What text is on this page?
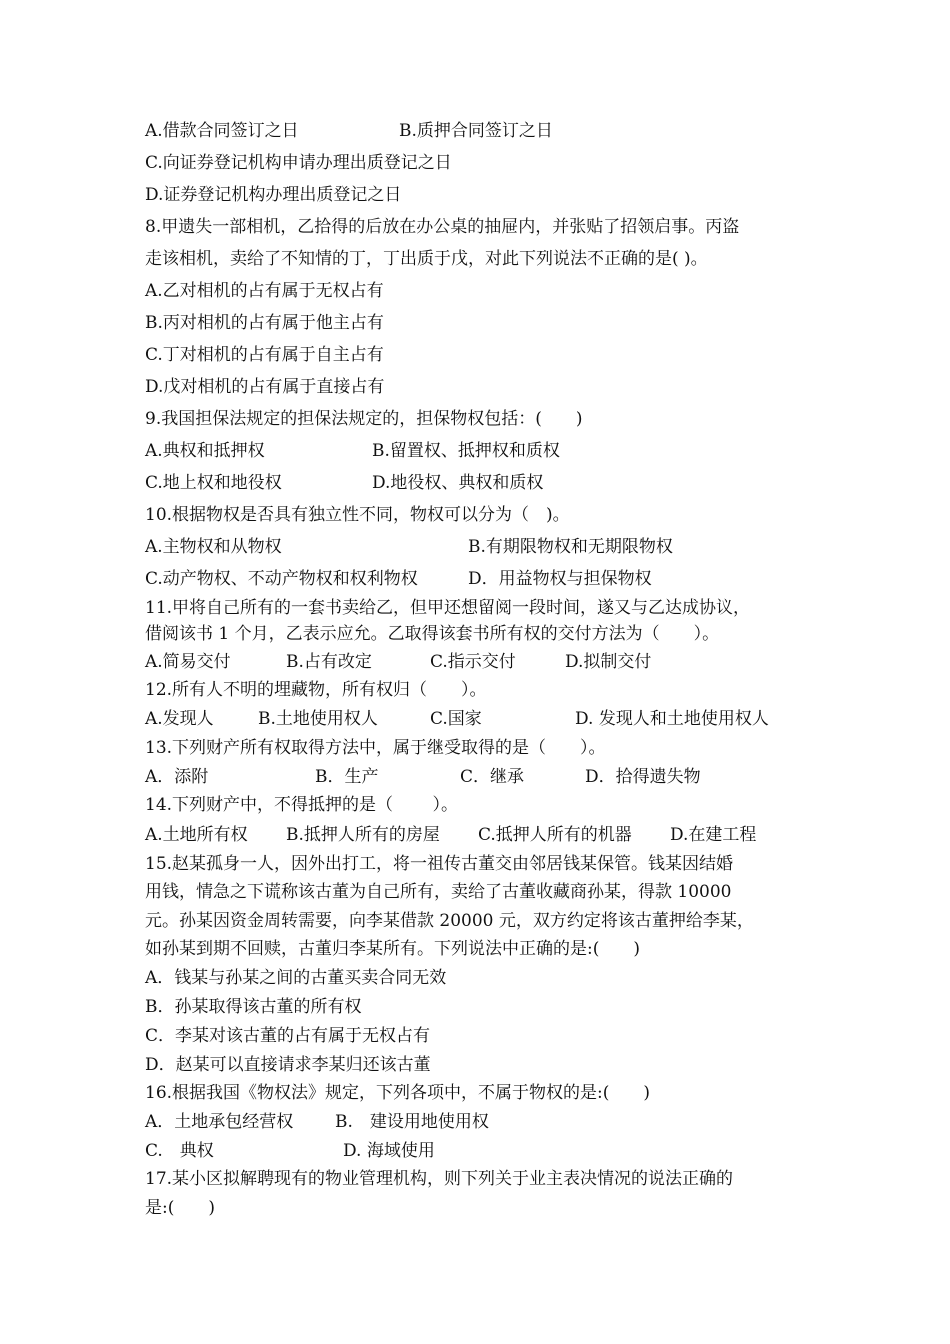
A.借款合同签订之日	B.质押合同签订之日
C.向证券登记机构申请办理出质登记之日
D.证券登记机构办理出质登记之日
8.甲遗失一部相机，乙拾得的后放在办公桌的抽屉内，并张贴了招领启事。丙盗
走该相机，卖给了不知情的丁，丁出质于戊，对此下列说法不正确的是( )。
A.乙对相机的占有属于无权占有
B.丙对相机的占有属于他主占有
C.丁对相机的占有属于自主占有
D.戊对相机的占有属于直接占有
9.我国担保法规定的担保法规定的，担保物权包括：(　　)
A.典权和抵押权	B.留置权、抵押权和质权
C.地上权和地役权	D.地役权、典权和质权
10.根据物权是否具有独立性不同，物权可以分为（　)。
A.主物权和从物权	B.有期限物权和无期限物权
C.动产物权、不动产物权和权利物权	D．用益物权与担保物权
11.甲将自己所有的一套书卖给乙，但甲还想留阅一段时间，遂又与乙达成协议，
借阅该书 1 个月，乙表示应允。乙取得该套书所有权的交付方法为（　　）。
A.简易交付	B.占有改定	C.指示交付	D.拟制交付
12.所有人不明的埋藏物，所有权归（　　）。
A.发现人	B.土地使用权人	C.国家	D. 发现人和土地使用权人
13.下列财产所有权取得方法中，属于继受取得的是（　　）。
A．添附	B．生产	C．继承	D．拾得遗失物
14.下列财产中，不得抵押的是（　　 ）。
A.土地所有权 B.抵押人所有的房屋 C.抵押人所有的机器 D.在建工程
15.赵某孤身一人，因外出打工，将一祖传古董交由邻居钱某保管。钱某因结婚
用钱，情急之下谎称该古董为自己所有，卖给了古董收藏商孙某，得款 10000
元。孙某因资金周转需要，向李某借款 20000 元，双方约定将该古董押给李某，
如孙某到期不回赎，古董归李某所有。下列说法中正确的是:(　　)
A．钱某与孙某之间的古董买卖合同无效
B．孙某取得该古董的所有权
C．李某对该古董的占有属于无权占有
D．赵某可以直接请求李某归还该古董
16.根据我国《物权法》规定，下列各项中，不属于物权的是:(　　)
A．土地承包经营权 B.　建设用地使用权
C.　典权	D. 海域使用
17.某小区拟解聘现有的物业管理机构，则下列关于业主表决情况的说法正确的
是:(　　)
